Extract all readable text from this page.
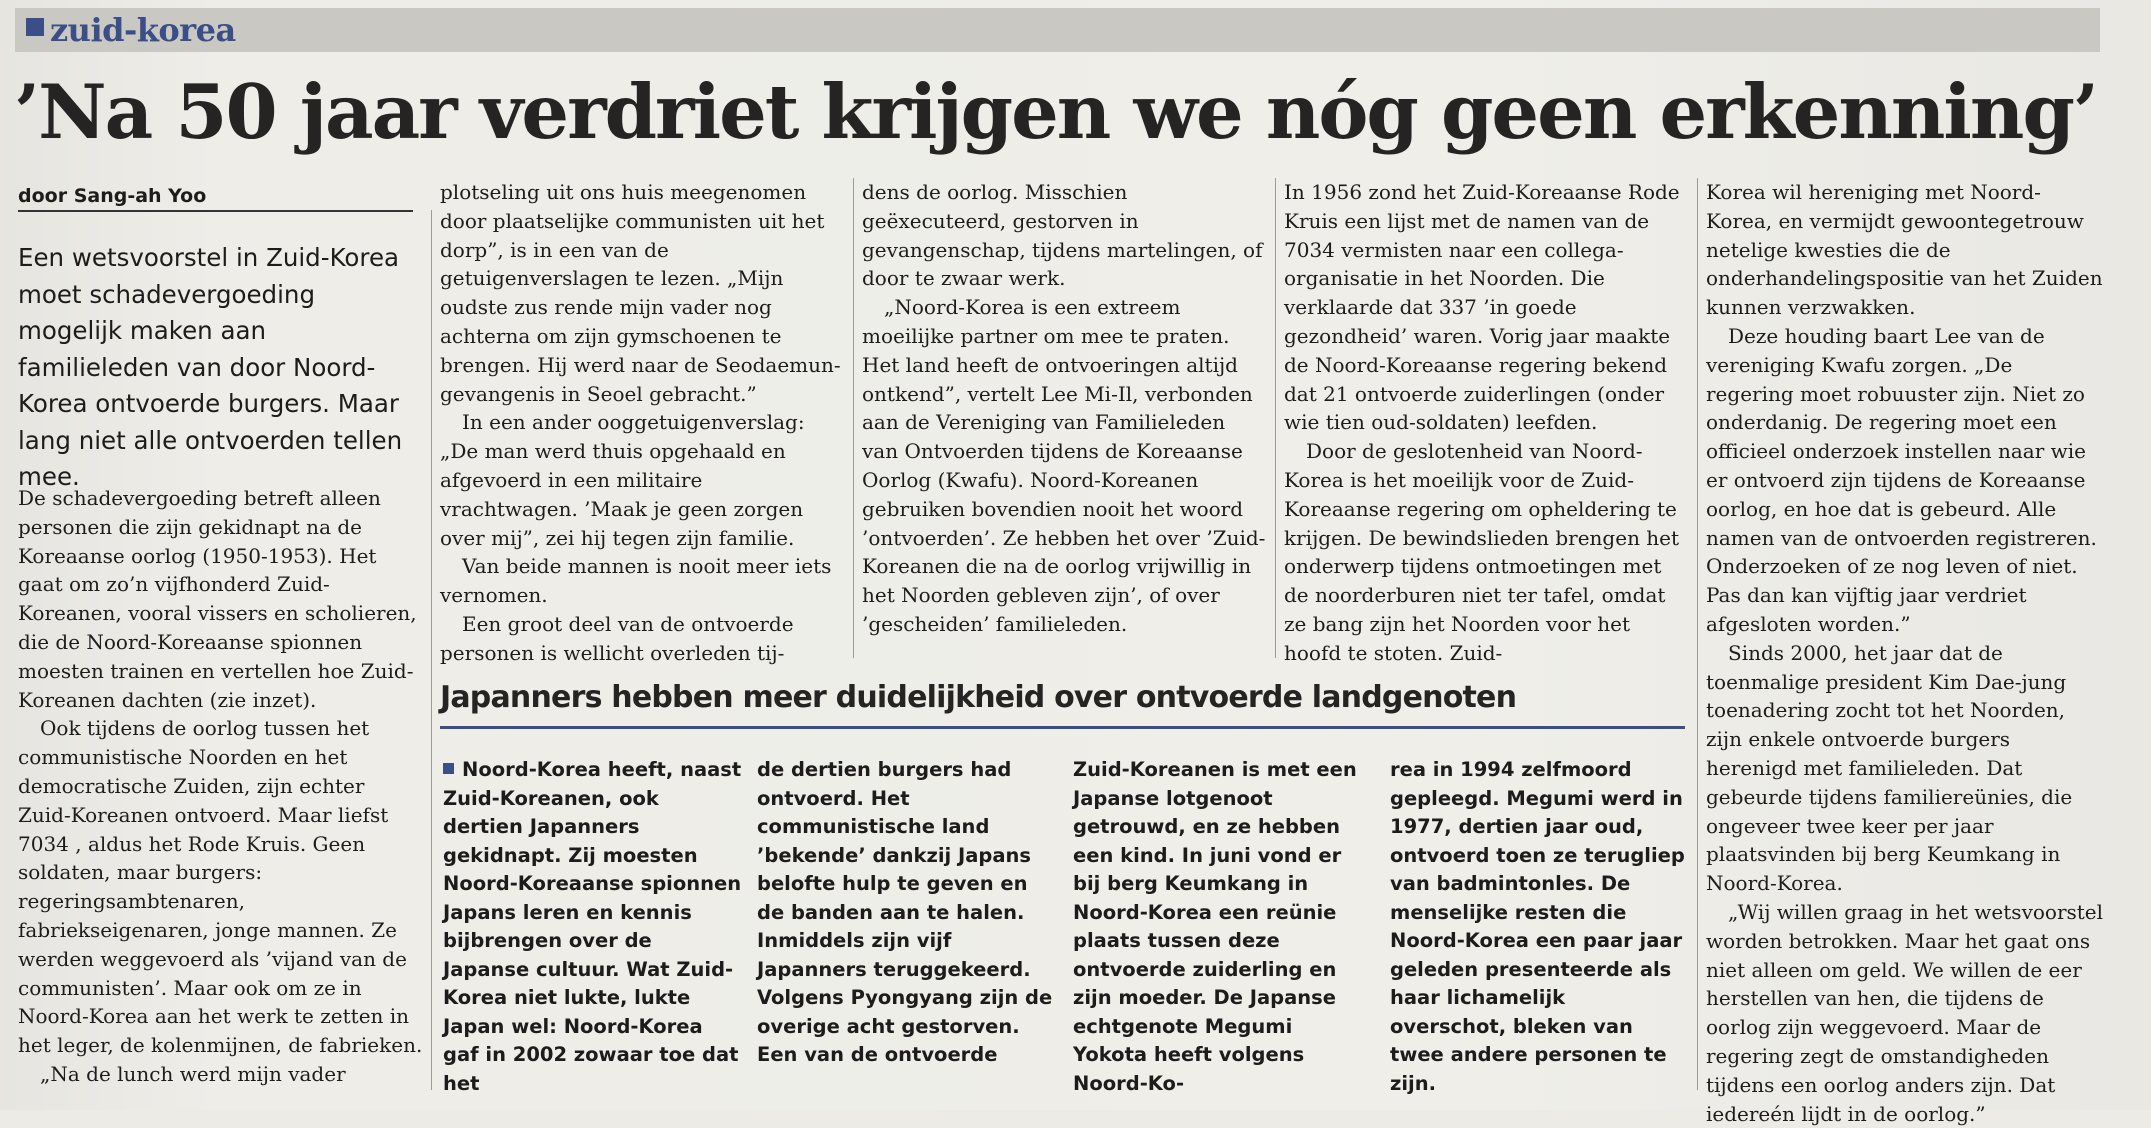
zuid-korea
’Na 50 jaar verdriet krijgen we nóg geen erkenning’
door Sang-ah Yoo
Een wetsvoorstel in Zuid-Korea moet schadevergoeding mogelijk maken aan familieleden van door Noord-Korea ontvoerde burgers. Maar lang niet alle ontvoerden tellen mee.

De schadevergoeding betreft alleen personen die zijn gekidnapt na de Koreaanse oorlog (1950-1953). Het gaat om zo’n vijfhonderd Zuid-Koreanen, vooral vissers en scholieren, die de Noord-Koreaanse spionnen moesten trainen en vertellen hoe Zuid-Koreanen dachten (zie inzet).

Ook tijdens de oorlog tussen het communistische Noorden en het democratische Zuiden, zijn echter Zuid-Koreanen ontvoerd. Maar liefst 7034 , aldus het Rode Kruis. Geen soldaten, maar burgers: regeringsambtenaren, fabriekseigenaren, jonge mannen. Ze werden weggevoerd als ’vijand van de communisten’. Maar ook om ze in Noord-Korea aan het werk te zetten in het leger, de kolenmijnen, de fabrieken.

„Na de lunch werd mijn vader

plotseling uit ons huis meegenomen door plaatselijke communisten uit het dorp”, is in een van de getuigenverslagen te lezen. „Mijn oudste zus rende mijn vader nog achterna om zijn gymschoenen te brengen. Hij werd naar de Seodaemun-gevangenis in Seoel gebracht.”

In een ander ooggetuigenverslag: „De man werd thuis opgehaald en afgevoerd in een militaire vrachtwagen. ’Maak je geen zorgen over mij”, zei hij tegen zijn familie.

Van beide mannen is nooit meer iets vernomen.

Een groot deel van de ontvoerde personen is wellicht overleden tij-

dens de oorlog. Misschien geëxecuteerd, gestorven in gevangenschap, tijdens martelingen, of door te zwaar werk.

„Noord-Korea is een extreem moeilijke partner om mee te praten. Het land heeft de ontvoeringen altijd ontkend”, vertelt Lee Mi-Il, verbonden aan de Vereniging van Familieleden van Ontvoerden tijdens de Koreaanse Oorlog (Kwafu). Noord-Koreanen gebruiken bovendien nooit het woord ’ontvoerden’. Ze hebben het over ’Zuid-Koreanen die na de oorlog vrijwillig in het Noorden gebleven zijn’, of over ’gescheiden’ familieleden.

In 1956 zond het Zuid-Koreaanse Rode Kruis een lijst met de namen van de 7034 vermisten naar een collega-organisatie in het Noorden. Die verklaarde dat 337 ’in goede gezondheid’ waren. Vorig jaar maakte de Noord-Koreaanse regering bekend dat 21 ontvoerde zuiderlingen (onder wie tien oud-soldaten) leefden.

Door de geslotenheid van Noord-Korea is het moeilijk voor de Zuid-Koreaanse regering om opheldering te krijgen. De bewindslieden brengen het onderwerp tijdens ontmoetingen met de noorderburen niet ter tafel, omdat ze bang zijn het Noorden voor het hoofd te stoten. Zuid-

Korea wil hereniging met Noord-Korea, en vermijdt gewoontegetrouw netelige kwesties die de onderhandelingspositie van het Zuiden kunnen verzwakken.

Deze houding baart Lee van de vereniging Kwafu zorgen. „De regering moet robuuster zijn. Niet zo onderdanig. De regering moet een officieel onderzoek instellen naar wie er ontvoerd zijn tijdens de Koreaanse oorlog, en hoe dat is gebeurd. Alle namen van de ontvoerden registreren. Onderzoeken of ze nog leven of niet. Pas dan kan vijftig jaar verdriet afgesloten worden.”

Sinds 2000, het jaar dat de toenmalige president Kim Dae-jung toenadering zocht tot het Noorden, zijn enkele ontvoerde burgers herenigd met familieleden. Dat gebeurde tijdens familiereünies, die ongeveer twee keer per jaar plaatsvinden bij berg Keumkang in Noord-Korea.

„Wij willen graag in het wetsvoorstel worden betrokken. Maar het gaat ons niet alleen om geld. We willen de eer herstellen van hen, die tijdens de oorlog zijn weggevoerd. Maar de regering zegt de omstandigheden tijdens een oorlog anders zijn. Dat iedereén lijdt in de oorlog.”

Japanners hebben meer duidelijkheid over ontvoerde landgenoten

Noord-Korea heeft, naast Zuid-Koreanen, ook dertien Japanners gekidnapt. Zij moesten Noord-Koreaanse spionnen Japans leren en kennis bijbrengen over de Japanse cultuur. Wat Zuid-Korea niet lukte, lukte Japan wel: Noord-Korea gaf in 2002 zowaar toe dat het

de dertien burgers had ontvoerd. Het communistische land ’bekende’ dankzij Japans belofte hulp te geven en de banden aan te halen. Inmiddels zijn vijf Japanners teruggekeerd. Volgens Pyongyang zijn de overige acht gestorven. Een van de ontvoerde

Zuid-Koreanen is met een Japanse lotgenoot getrouwd, en ze hebben een kind. In juni vond er bij berg Keumkang in Noord-Korea een reünie plaats tussen deze ontvoerde zuiderling en zijn moeder. De Japanse echtgenote Megumi Yokota heeft volgens Noord-Ko-

rea in 1994 zelfmoord gepleegd. Megumi werd in 1977, dertien jaar oud, ontvoerd toen ze terugliep van badmintonles. De menselijke resten die Noord-Korea een paar jaar geleden presenteerde als haar lichamelijk overschot, bleken van twee andere personen te zijn.
